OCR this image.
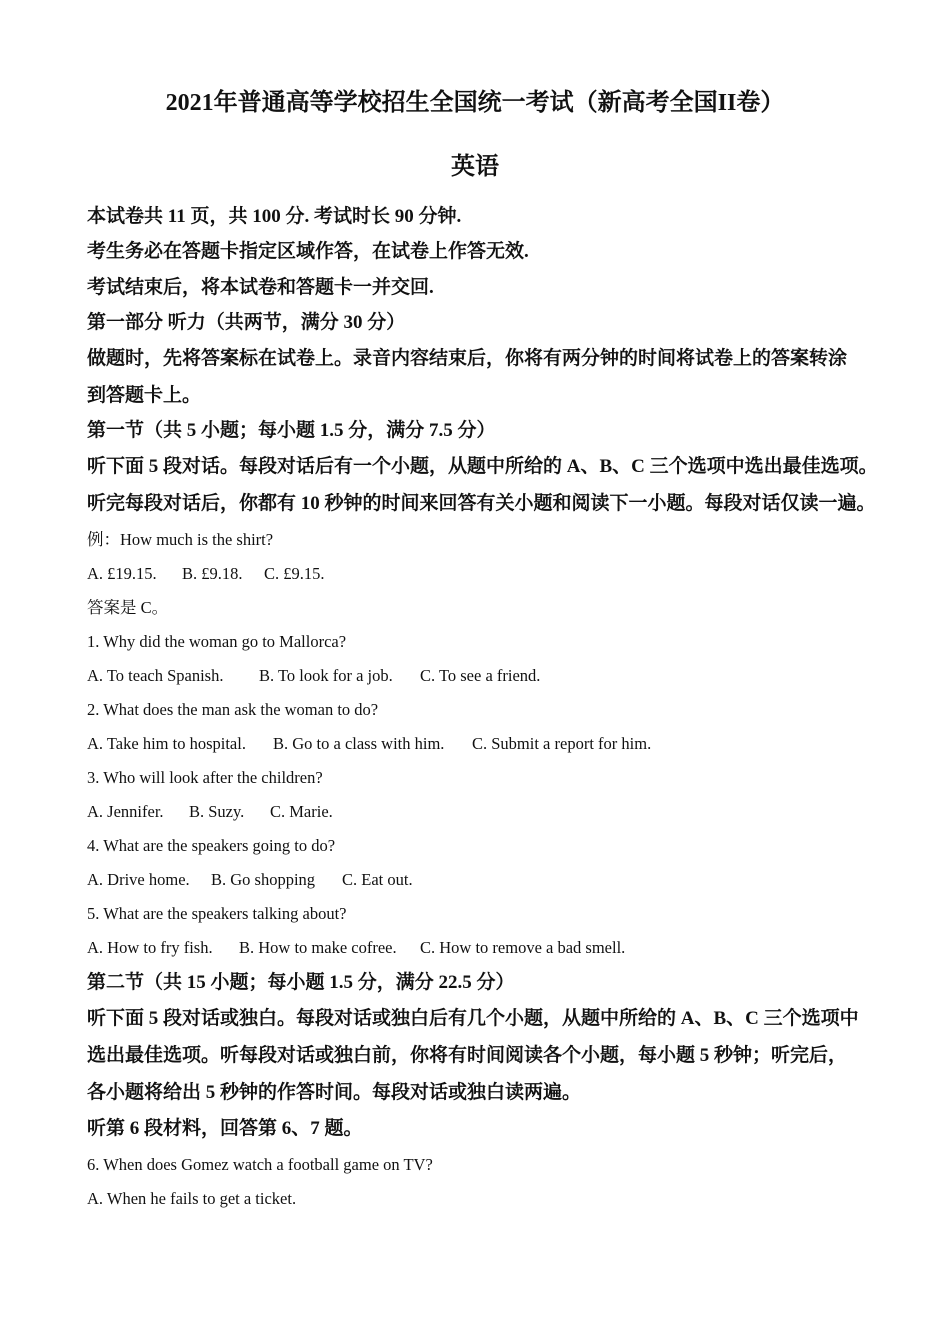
2021年普通高等学校招生全国统一考试（新高考全国II卷）
英语
本试卷共 11 页，共 100 分. 考试时长 90 分钟.
考生务必在答题卡指定区域作答，在试卷上作答无效.
考试结束后，将本试卷和答题卡一并交回.
第一部分 听力（共两节，满分 30 分）
做题时，先将答案标在试卷上。录音内容结束后，你将有两分钟的时间将试卷上的答案转涂
到答题卡上。
第一节（共 5 小题；每小题 1.5 分，满分 7.5 分）
听下面 5 段对话。每段对话后有一个小题，从题中所给的 A、B、C 三个选项中选出最佳选项。
听完每段对话后，你都有 10 秒钟的时间来回答有关小题和阅读下一小题。每段对话仅读一遍。
例：How much is the shirt?
A. £19.15. B. £9.18. C. £9.15.
答案是 C。
1. Why did the woman go to Mallorca?
A. To teach Spanish. B. To look for a job. C. To see a friend.
2. What does the man ask the woman to do?
A. Take him to hospital. B. Go to a class with him. C. Submit a report for him.
3. Who will look after the children?
A. Jennifer. B. Suzy. C. Marie.
4. What are the speakers going to do?
A. Drive home. B. Go shopping C. Eat out.
5. What are the speakers talking about?
A. How to fry fish. B. How to make cofree. C. How to remove a bad smell.
第二节（共 15 小题；每小题 1.5 分，满分 22.5 分）
听下面 5 段对话或独白。每段对话或独白后有几个小题，从题中所给的 A、B、C 三个选项中
选出最佳选项。听每段对话或独白前，你将有时间阅读各个小题，每小题 5 秒钟；听完后，
各小题将给出 5 秒钟的作答时间。每段对话或独白读两遍。
听第 6 段材料，回答第 6、7 题。
6. When does Gomez watch a football game on TV?
A. When he fails to get a ticket.
